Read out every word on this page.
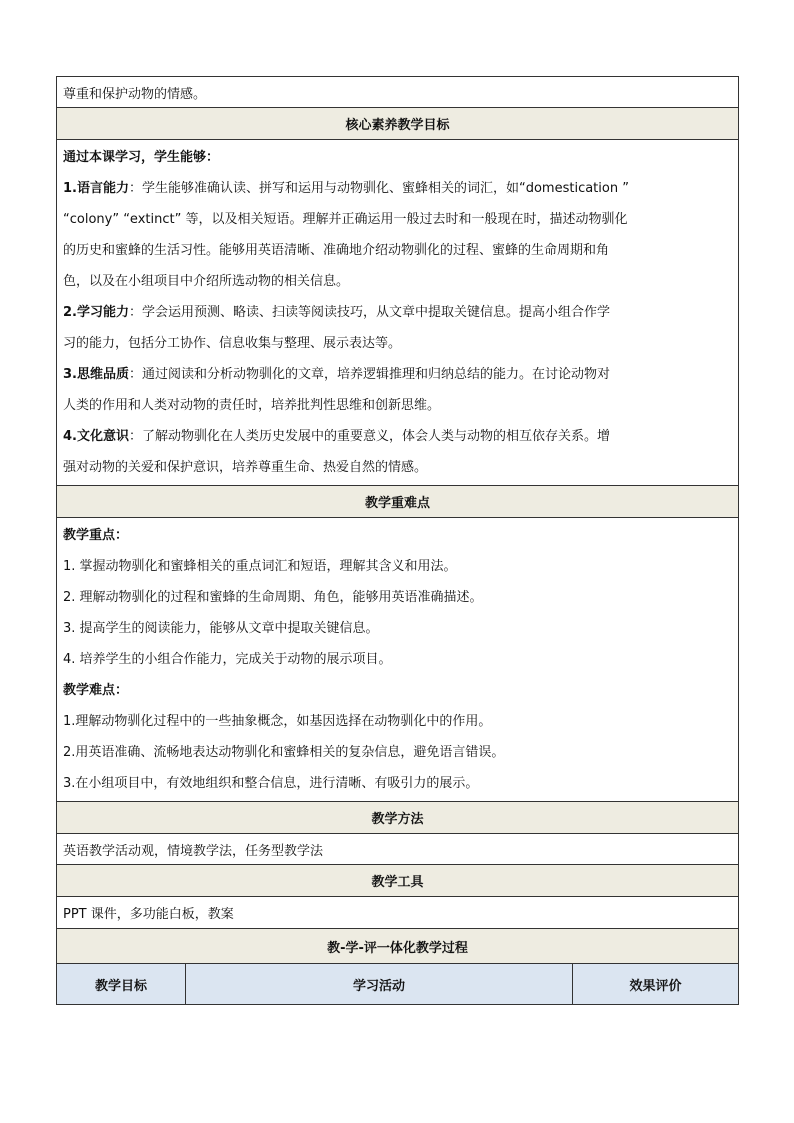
尊重和保护动物的情感。
核心素养教学目标

通过本课学习，学生能够：
1.语言能力：学生能够准确认读、拼写和运用与动物驯化、蜜蜂相关的词汇，如“domestication ”
“colony” “extinct” 等，以及相关短语。理解并正确运用一般过去时和一般现在时，描述动物驯化
的历史和蜜蜂的生活习性。能够用英语清晰、准确地介绍动物驯化的过程、蜜蜂的生命周期和角
色，以及在小组项目中介绍所选动物的相关信息。
2.学习能力：学会运用预测、略读、扫读等阅读技巧，从文章中提取关键信息。提高小组合作学
习的能力，包括分工协作、信息收集与整理、展示表达等。
3.思维品质：通过阅读和分析动物驯化的文章，培养逻辑推理和归纳总结的能力。在讨论动物对
人类的作用和人类对动物的责任时，培养批判性思维和创新思维。
4.文化意识：了解动物驯化在人类历史发展中的重要意义，体会人类与动物的相互依存关系。增
强对动物的关爱和保护意识，培养尊重生命、热爱自然的情感。

教学重难点

教学重点：
1. 掌握动物驯化和蜜蜂相关的重点词汇和短语，理解其含义和用法。
2. 理解动物驯化的过程和蜜蜂的生命周期、角色，能够用英语准确描述。
3. 提高学生的阅读能力，能够从文章中提取关键信息。
4. 培养学生的小组合作能力，完成关于动物的展示项目。
教学难点：
1.理解动物驯化过程中的一些抽象概念，如基因选择在动物驯化中的作用。
2.用英语准确、流畅地表达动物驯化和蜜蜂相关的复杂信息，避免语言错误。
3.在小组项目中，有效地组织和整合信息，进行清晰、有吸引力的展示。

教学方法
英语教学活动观，情境教学法，任务型教学法
教学工具
PPT 课件，多功能白板，教案
教-学-评一体化教学过程
教学目标	学习活动	效果评价
